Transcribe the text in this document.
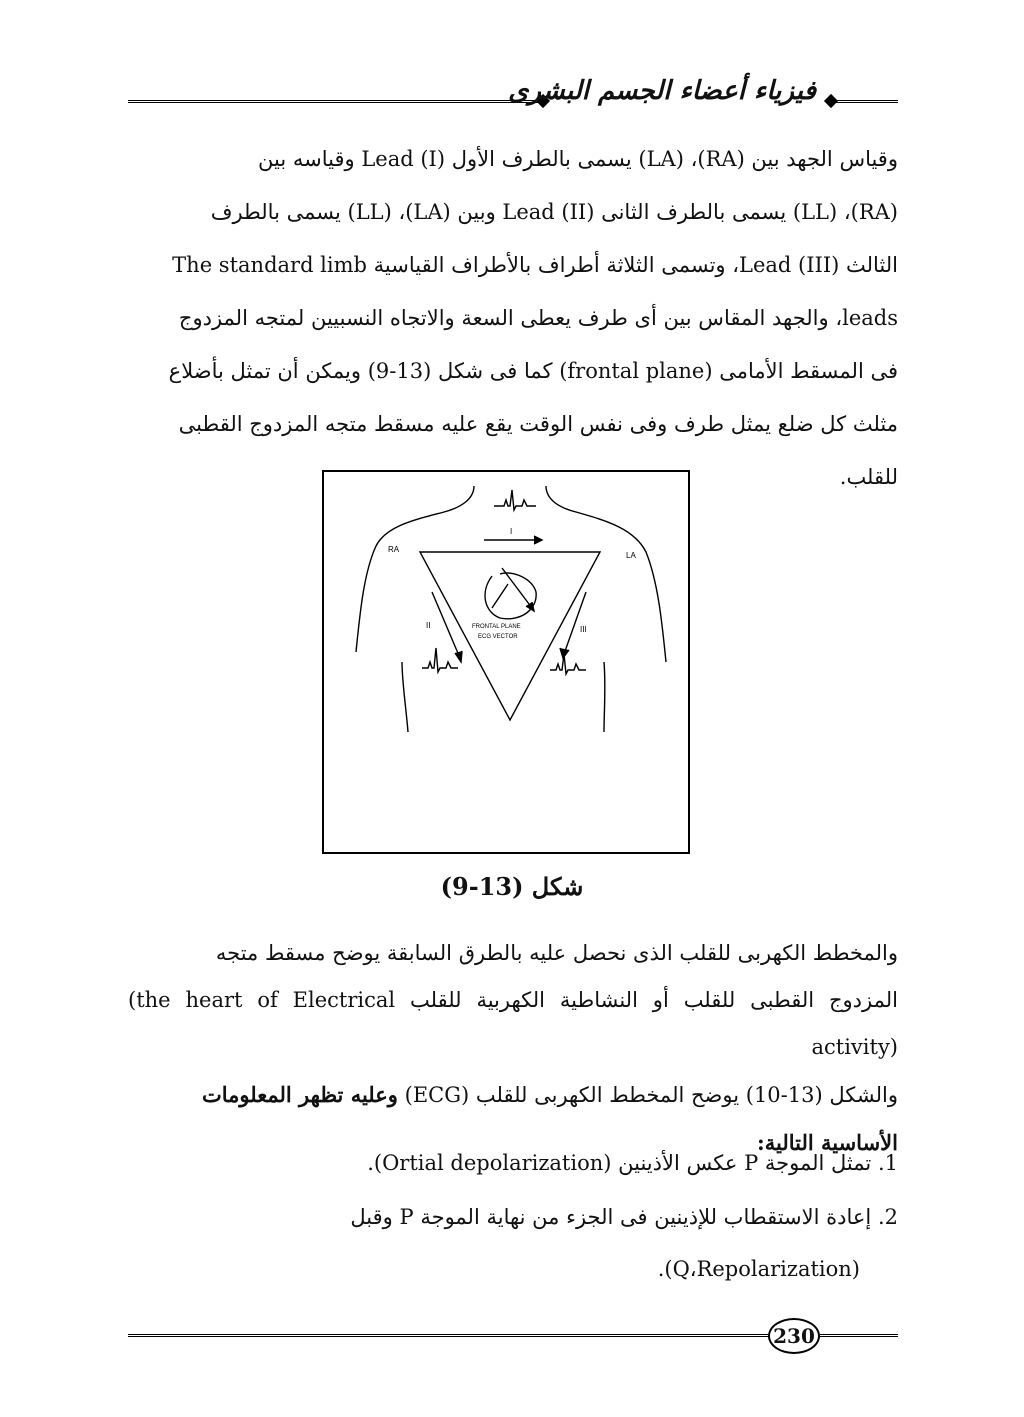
فيزياء أعضاء الجسم البشرى

وقياس الجهد بين (RA)، (LA) يسمى بالطرف الأول Lead (I) وقياسه بين

(RA)، (LL) يسمى بالطرف الثانى Lead (II) وبين (LA)، (LL) يسمى بالطرف

الثالث Lead (III)، وتسمى الثلاثة أطراف بالأطراف القياسية The standard limb

leads، والجهد المقاس بين أى طرف يعطى السعة والاتجاه النسبيين لمتجه المزدوج

فى المسقط الأمامى (frontal plane) كما فى شكل (13-9) ويمكن أن تمثل بأضلاع

مثلث كل ضلع يمثل طرف وفى نفس الوقت يقع عليه مسقط متجه المزدوج القطبى

للقلب.

RA
LA
I
II	III
FRONTAL PLANE
ECG VECTOR
شكل (13-9)
والمخطط الكهربى للقلب الذى نحصل عليه بالطرق السابقة يوضح مسقط متجه
المزدوج القطبى للقلب أو النشاطية الكهربية للقلب (the heart of Electrical activity)
والشكل (13-10) يوضح المخطط الكهربى للقلب (ECG) وعليه تظهر المعلومات
الأساسية التالية:
1. تمثل الموجة P عكس الأذينين (Ortial depolarization).
2. إعادة الاستقطاب للإذينين فى الجزء من نهاية الموجة P وقبل
(Q،Repolarization).
230
